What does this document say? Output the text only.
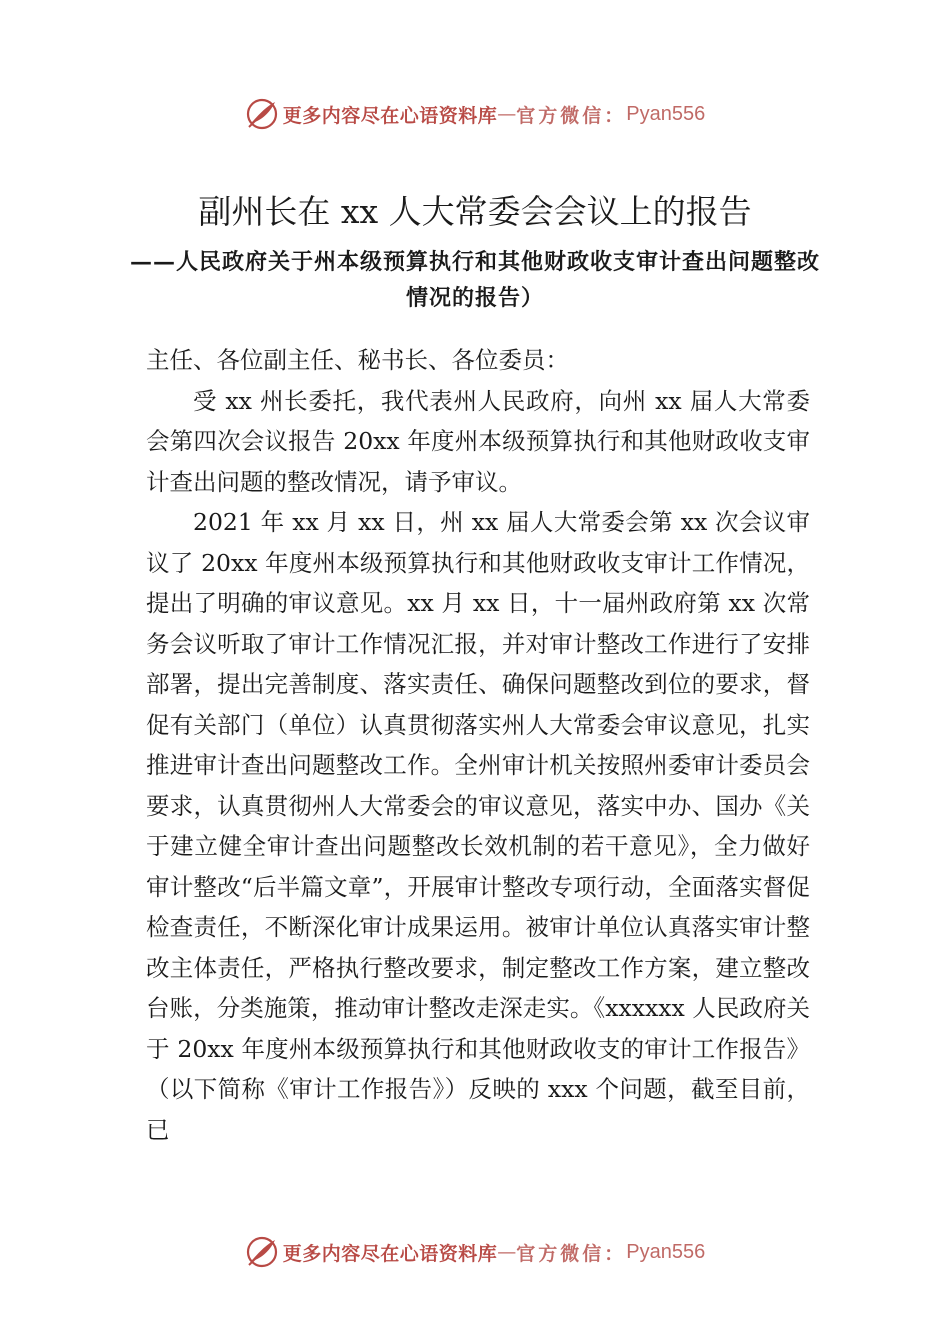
更多内容尽在心语资料库 — 官方微信： Pyan556
副州长在 xx 人大常委会会议上的报告
——人民政府关于州本级预算执行和其他财政收支审计查出问题整改情况的报告）

主任、各位副主任、秘书长、各位委员：

受 xx 州长委托，我代表州人民政府，向州 xx 届人大常委会第四次会议报告 20xx 年度州本级预算执行和其他财政收支审计查出问题的整改情况，请予审议。

2021 年 xx 月 xx 日，州 xx 届人大常委会第 xx 次会议审议了 20xx 年度州本级预算执行和其他财政收支审计工作情况，提出了明确的审议意见。xx 月 xx 日，十一届州政府第 xx 次常务会议听取了审计工作情况汇报，并对审计整改工作进行了安排部署，提出完善制度、落实责任、确保问题整改到位的要求，督促有关部门（单位）认真贯彻落实州人大常委会审议意见，扎实推进审计查出问题整改工作。全州审计机关按照州委审计委员会要求，认真贯彻州人大常委会的审议意见，落实中办、国办《关于建立健全审计查出问题整改长效机制的若干意见》，全力做好审计整改“后半篇文章”，开展审计整改专项行动，全面落实督促检查责任，不断深化审计成果运用。被审计单位认真落实审计整改主体责任，严格执行整改要求，制定整改工作方案，建立整改台账，分类施策，推动审计整改走深走实。《xxxxxx 人民政府关于 20xx 年度州本级预算执行和其他财政收支的审计工作报告》（以下简称《审计工作报告》）反映的 xxx 个问题，截至目前，已

更多内容尽在心语资料库 — 官方微信： Pyan556
